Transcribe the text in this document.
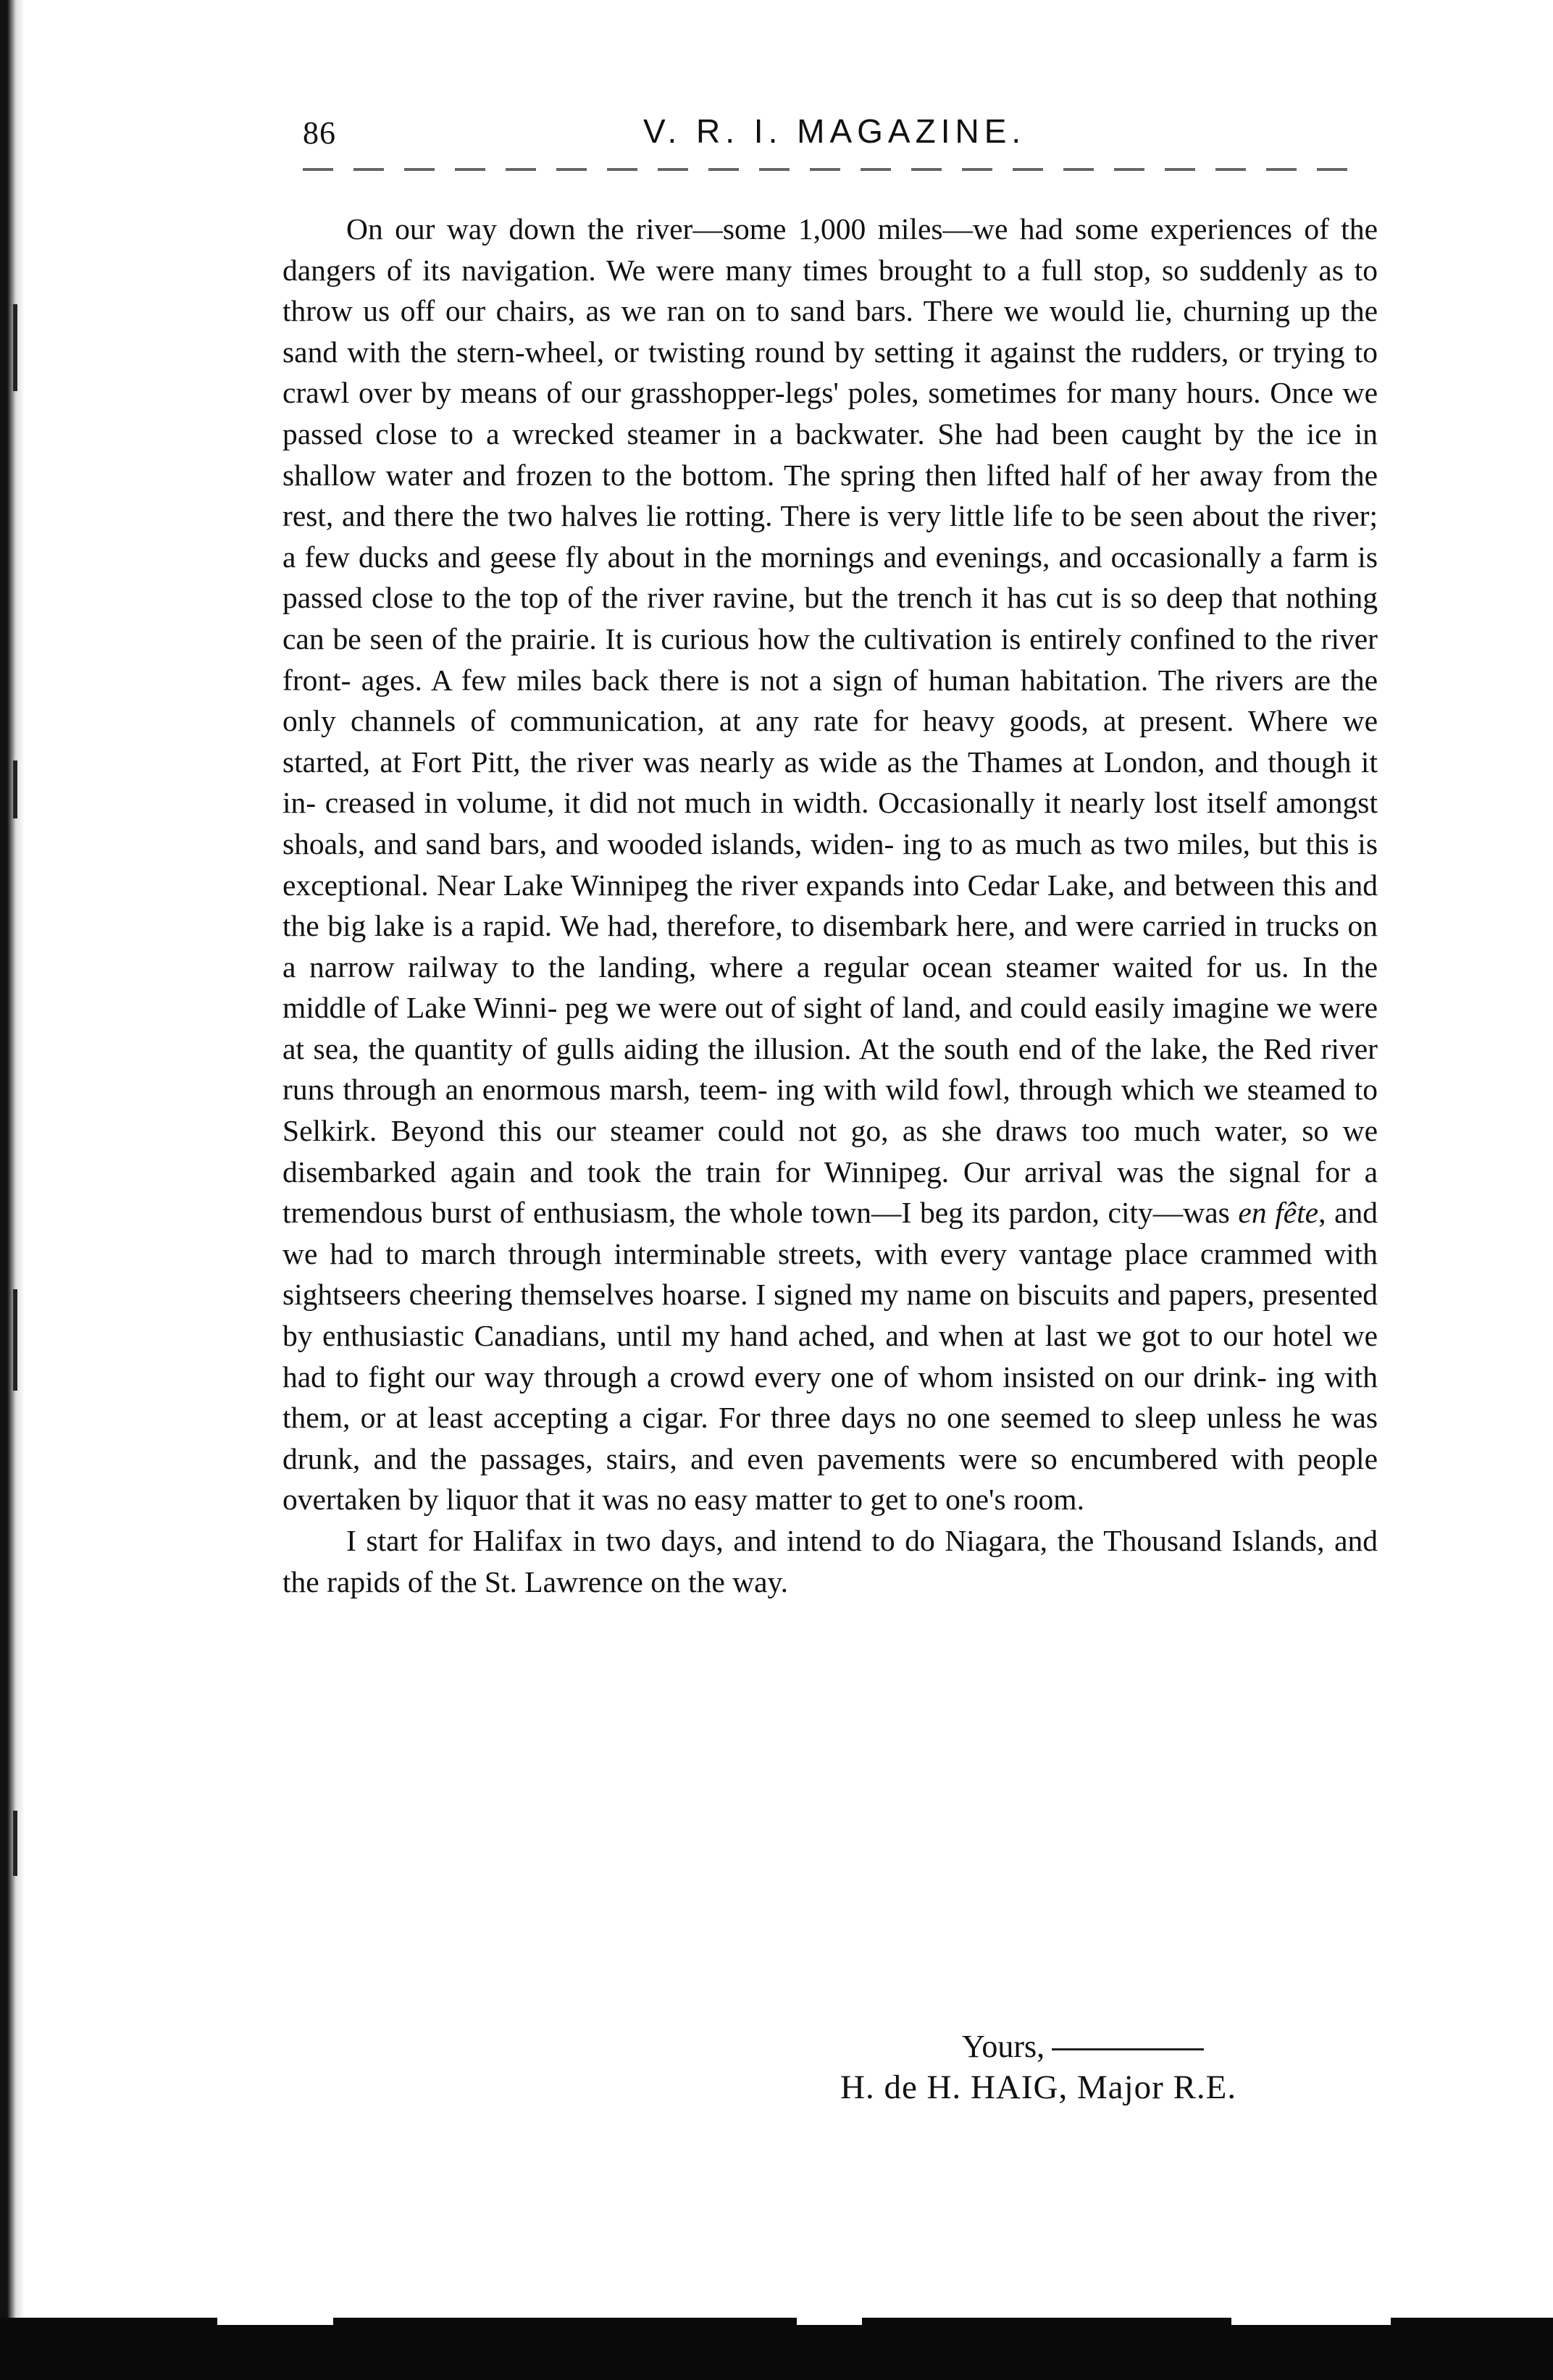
86	V. R. I. MAGAZINE.

On our way down the river—some 1,000 miles—we had some experiences of the dangers of its navigation. We were many times brought to a full stop, so suddenly as to throw us off our chairs, as we ran on to sand bars. There we would lie, churning up the sand with the stern-wheel, or twisting round by setting it against the rudders, or trying to crawl over by means of our grasshopper-legs' poles, sometimes for many hours. Once we passed close to a wrecked steamer in a backwater. She had been caught by the ice in shallow water and frozen to the bottom. The spring then lifted half of her away from the rest, and there the two halves lie rotting. There is very little life to be seen about the river; a few ducks and geese fly about in the mornings and evenings, and occasionally a farm is passed close to the top of the river ravine, but the trench it has cut is so deep that nothing can be seen of the prairie. It is curious how the cultivation is entirely confined to the river front- ages. A few miles back there is not a sign of human habitation. The rivers are the only channels of communication, at any rate for heavy goods, at present. Where we started, at Fort Pitt, the river was nearly as wide as the Thames at London, and though it in- creased in volume, it did not much in width. Occasionally it nearly lost itself amongst shoals, and sand bars, and wooded islands, widen- ing to as much as two miles, but this is exceptional. Near Lake Winnipeg the river expands into Cedar Lake, and between this and the big lake is a rapid. We had, therefore, to disembark here, and were carried in trucks on a narrow railway to the landing, where a regular ocean steamer waited for us. In the middle of Lake Winni- peg we were out of sight of land, and could easily imagine we were at sea, the quantity of gulls aiding the illusion. At the south end of the lake, the Red river runs through an enormous marsh, teem- ing with wild fowl, through which we steamed to Selkirk. Beyond this our steamer could not go, as she draws too much water, so we disembarked again and took the train for Winnipeg. Our arrival was the signal for a tremendous burst of enthusiasm, the whole town—I beg its pardon, city—was en fête, and we had to march through interminable streets, with every vantage place crammed with sightseers cheering themselves hoarse. I signed my name on biscuits and papers, presented by enthusiastic Canadians, until my hand ached, and when at last we got to our hotel we had to fight our way through a crowd every one of whom insisted on our drink- ing with them, or at least accepting a cigar. For three days no one seemed to sleep unless he was drunk, and the passages, stairs, and even pavements were so encumbered with people overtaken by liquor that it was no easy matter to get to one's room.

I start for Halifax in two days, and intend to do Niagara, the Thousand Islands, and the rapids of the St. Lawrence on the way.

Yours,
H. de H. HAIG, Major R.E.
